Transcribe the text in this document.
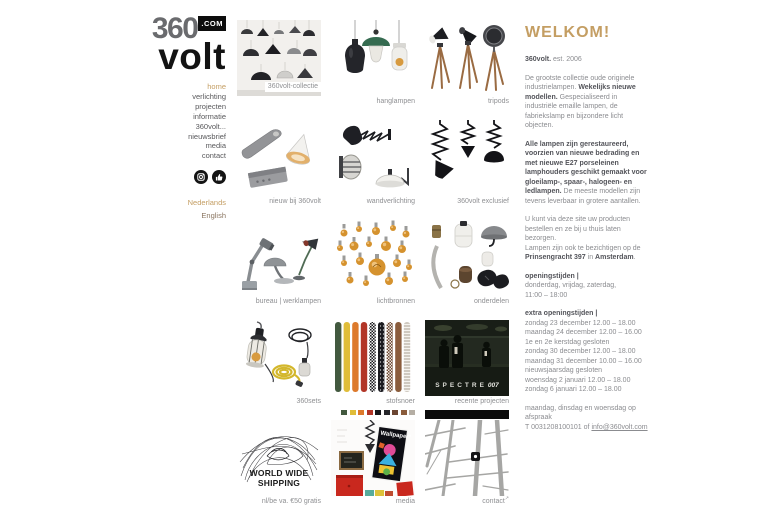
360 .COM
volt
home
verlichting
projecten
informatie
360volt...
nieuwsbrief
media
contact
Nederlands
English
360volt-collectie
hanglampen	tripods
nieuw bij 360volt	wandverlichting	360volt exclusief
bureau | werklampen	lichtbronnen	onderdelen
360sets	stofsnoer
SPECTRE007
recente projecten
WORLD WIDE SHIPPING
nl/be va. €50 gratis
Wallpaper*
media	contact↗
WELKOM!

360volt. est. 2006

De grootste collectie oude originele industrielampen. Wekelijks nieuwe modellen. Gespecialiseerd in industriële emaille lampen, de fabriekslamp en bijzondere licht objecten.

Alle lampen zijn gerestaureerd, voorzien van nieuwe bedrading en met nieuwe E27 porseleinen lamphouders geschikt gemaakt voor gloeilamp-, spaar-, halogeen- en ledlampen. De meeste modellen zijn tevens leverbaar in grotere aantallen.

U kunt via deze site uw producten bestellen en ze bij u thuis laten bezorgen.
Lampen zijn ook te bezichtigen op de Prinsengracht 397 in Amsterdam.

openingstijden |
donderdag, vrijdag, zaterdag,
11:00 – 18:00

extra openingstijden |
zondag 23 december 12.00 – 18.00
maandag 24 december 12.00 – 16.00
1e en 2e kerstdag gesloten
zondag 30 december 12.00 – 18.00
maandag 31 december 10.00 – 16.00
nieuwsjaarsdag gesloten
woensdag 2 januari 12.00 – 18.00
zondag 6 januari 12.00 – 18.00

maandag, dinsdag en woensdag op afspraak
T 0031208100101 of info@360volt.com
